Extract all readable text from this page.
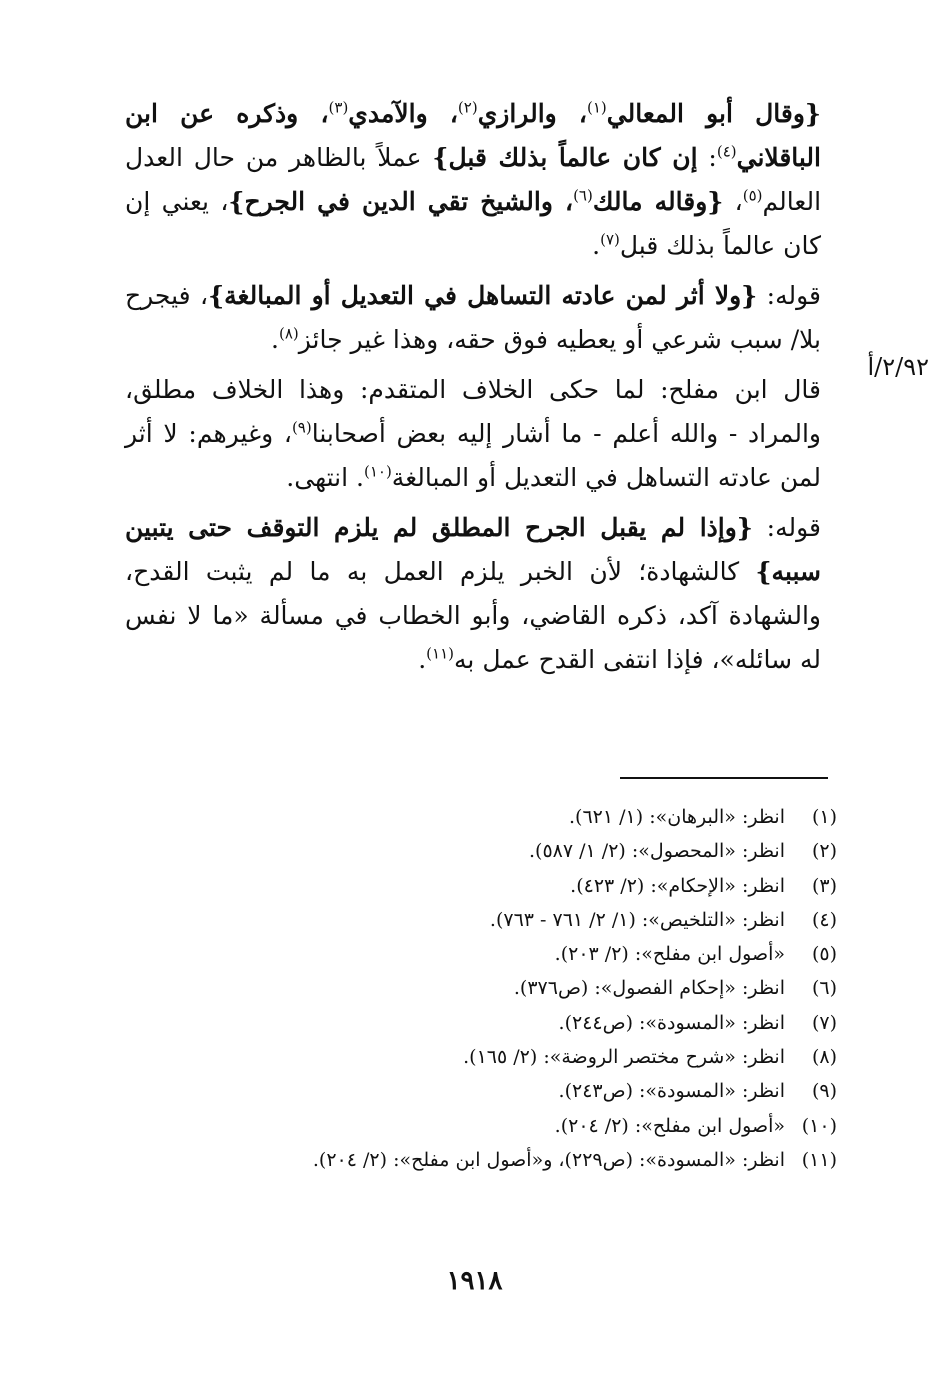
{وقال أبو المعالي$^{(١)}$، والرازي$^{(٢)}$، والآمدي$^{(٣)}$، وذكره عن ابن الباقلاني$^{(٤)}$: إن كان عالماً بذلك قبل} عملاً بالظاهر من حال العدل العالم$^{(٥)}$، {وقاله مالك$^{(٦)}$، والشيخ تقي الدين في الجرح}، يعني إن كان عالماً بذلك قبل$^{(٧)}$.

قوله: {ولا أثر لمن عادته التساهل في التعديل أو المبالغة}، فيجرح بلا/ سبب شرعي أو يعطيه فوق حقه، وهذا غير جائز$^{(٨)}$.

قال ابن مفلح: لما حكى الخلاف المتقدم: وهذا الخلاف مطلق، والمراد - والله أعلم - ما أشار إليه بعض أصحابنا$^{(٩)}$، وغيرهم: لا أثر لمن عادته التساهل في التعديل أو المبالغة$^{(١٠)}$. انتهى.

قوله: {وإذا لم يقبل الجرح المطلق لم يلزم التوقف حتى يتبين سببه} كالشهادة؛ لأن الخبر يلزم العمل به ما لم يثبت القدح، والشهادة آكد، ذكره القاضي، وأبو الخطاب في مسألة «ما لا نفس له سائله»، فإذا انتفى القدح عمل به$^{(١١)}$.

٢/٩٢/أ
(١)
انظر: «البرهان»: (١/ ٦٢١).
(٢)
انظر: «المحصول»: (٢/ ١/ ٥٨٧).
(٣)
انظر: «الإحكام»: (٢/ ٤٢٣).
(٤)
انظر: «التلخيص»: (١/ ٢/ ٧٦١ - ٧٦٣).
(٥)
«أصول ابن مفلح»: (٢/ ٢٠٣).
(٦)
انظر: «إحكام الفصول»: (ص٣٧٦).
(٧)
انظر: «المسودة»: (ص٢٤٤).
(٨)
انظر: «شرح مختصر الروضة»: (٢/ ١٦٥).
(٩)
انظر: «المسودة»: (ص٢٤٣).
(١٠)
«أصول ابن مفلح»: (٢/ ٢٠٤).
(١١)
انظر: «المسودة»: (ص٢٢٩)، و«أصول ابن مفلح»: (٢/ ٢٠٤).
١٩١٨
